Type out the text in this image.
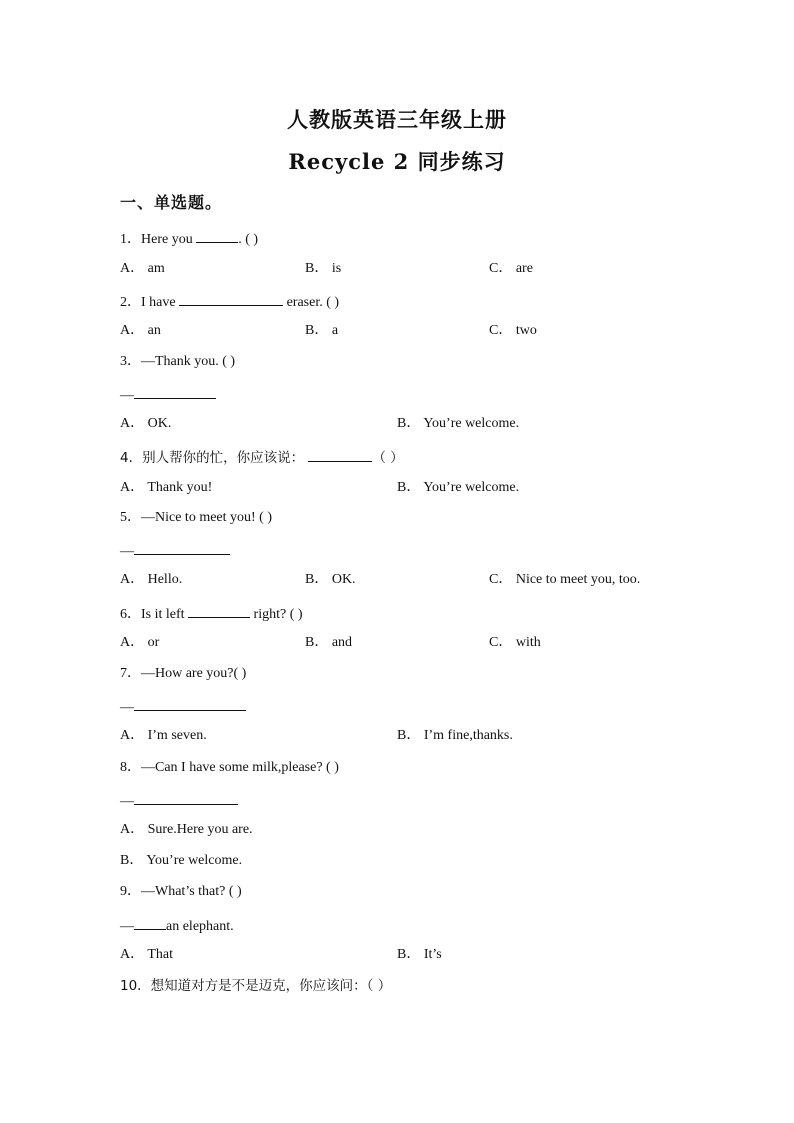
人教版英语三年级上册
Recycle 2 同步练习
一、单选题。
1．Here you	. ( )
A． am	B． is	C． are
2．I have	eraser. ( )
A． an	B． a	C． two
3．—Thank you. ( )
—
A． OK.	B． You’re welcome.
4．别人帮你的忙，你应该说：	（ ）
A． Thank you!	B． You’re welcome.
5．—Nice to meet you! ( )
—
A． Hello.	B． OK.	C． Nice to meet you, too.
6．Is it left	right? ( )
A． or	B． and	C． with
7．—How are you?( )
—
A． I’m seven.	B． I’m fine,thanks.
8．—Can I have some milk,please? ( )
—
A． Sure.Here you are.
B． You’re welcome.
9．—What’s that? ( )
— an elephant.
A． That	B． It’s
10．想知道对方是不是迈克，你应该问：（ ）
